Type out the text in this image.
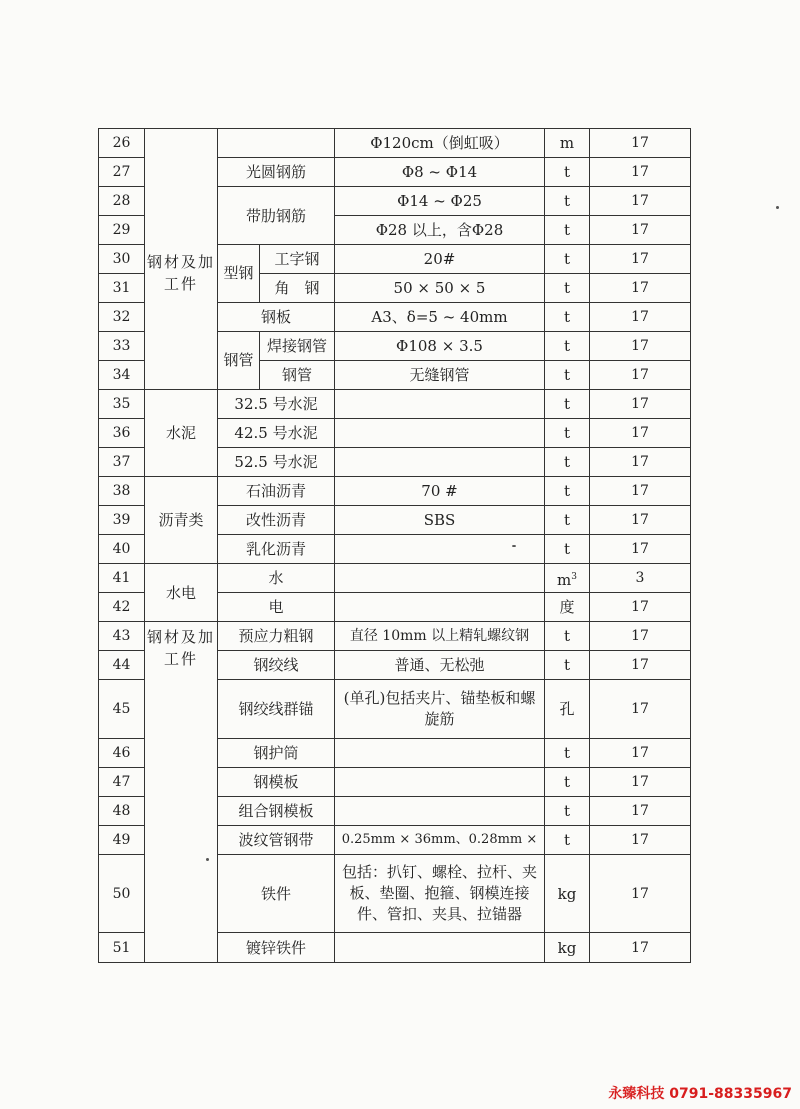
26				Φ120cm（倒虹吸）	m	17
27	钢材及加工件	光圆钢筋		Φ8 ~ Φ14	t	17
28		带肋钢筋		Φ14 ~ Φ25	t	17
29				Φ28 以上，含Φ28	t	17
30		型钢	工字钢	20#	t	17
31			角　钢	50 × 50 × 5	t	17
32		钢板		A3、δ=5 ~ 40mm	t	17
33		钢管	焊接钢管	Φ108 × 3.5	t	17
34			钢管	无缝钢管	t	17
35	水泥	32.5 号水泥			t	17
36		42.5 号水泥			t	17
37		52.5 号水泥			t	17
38	沥青类	石油沥青		70 #	t	17
39		改性沥青		SBS	t	17
40		乳化沥青			t	17
41	水电	水			$m^3$	3
42		电			度	17
43	钢材及加工件	预应力粗钢		直径 10mm 以上精轧螺纹钢	t	17
44		钢绞线		普通、无松弛	t	17
45		钢绞线群锚		(单孔)包括夹片、锚垫板和螺旋筋	孔	17
46		钢护筒			t	17
47		钢模板			t	17
48		组合钢模板			t	17
49		波纹管钢带		0.25mm × 36mm、0.28mm ×	t	17
50		铁件		包括：扒钉、螺栓、拉杆、夹板、垫圈、抱箍、钢模连接件、管扣、夹具、拉锚器	kg	17
51		镀锌铁件			kg	17
永臻科技 0791-88335967
